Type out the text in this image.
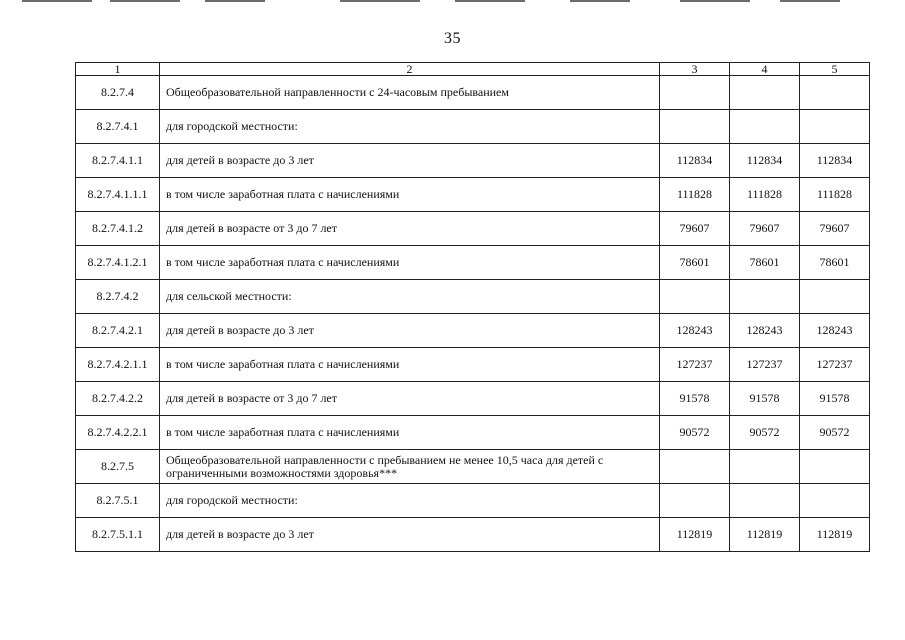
35
1	2	3	4	5
8.2.7.4	Общеобразовательной направленности с 24-часовым пребыванием			
8.2.7.4.1	для городской местности:			
8.2.7.4.1.1	для детей в возрасте до 3 лет	112834	112834	112834
8.2.7.4.1.1.1	в том числе заработная плата с начислениями	111828	111828	111828
8.2.7.4.1.2	для детей в возрасте от 3 до 7 лет	79607	79607	79607
8.2.7.4.1.2.1	в том числе заработная плата с начислениями	78601	78601	78601
8.2.7.4.2	для сельской местности:			
8.2.7.4.2.1	для детей в возрасте до 3 лет	128243	128243	128243
8.2.7.4.2.1.1	в том числе заработная плата с начислениями	127237	127237	127237
8.2.7.4.2.2	для детей в возрасте от 3 до 7 лет	91578	91578	91578
8.2.7.4.2.2.1	в том числе заработная плата с начислениями	90572	90572	90572
8.2.7.5	Общеобразовательной направленности с пребыванием не менее 10,5 часа для детей с ограниченными возможностями здоровья***			
8.2.7.5.1	для городской местности:			
8.2.7.5.1.1	для детей в возрасте до 3 лет	112819	112819	112819
